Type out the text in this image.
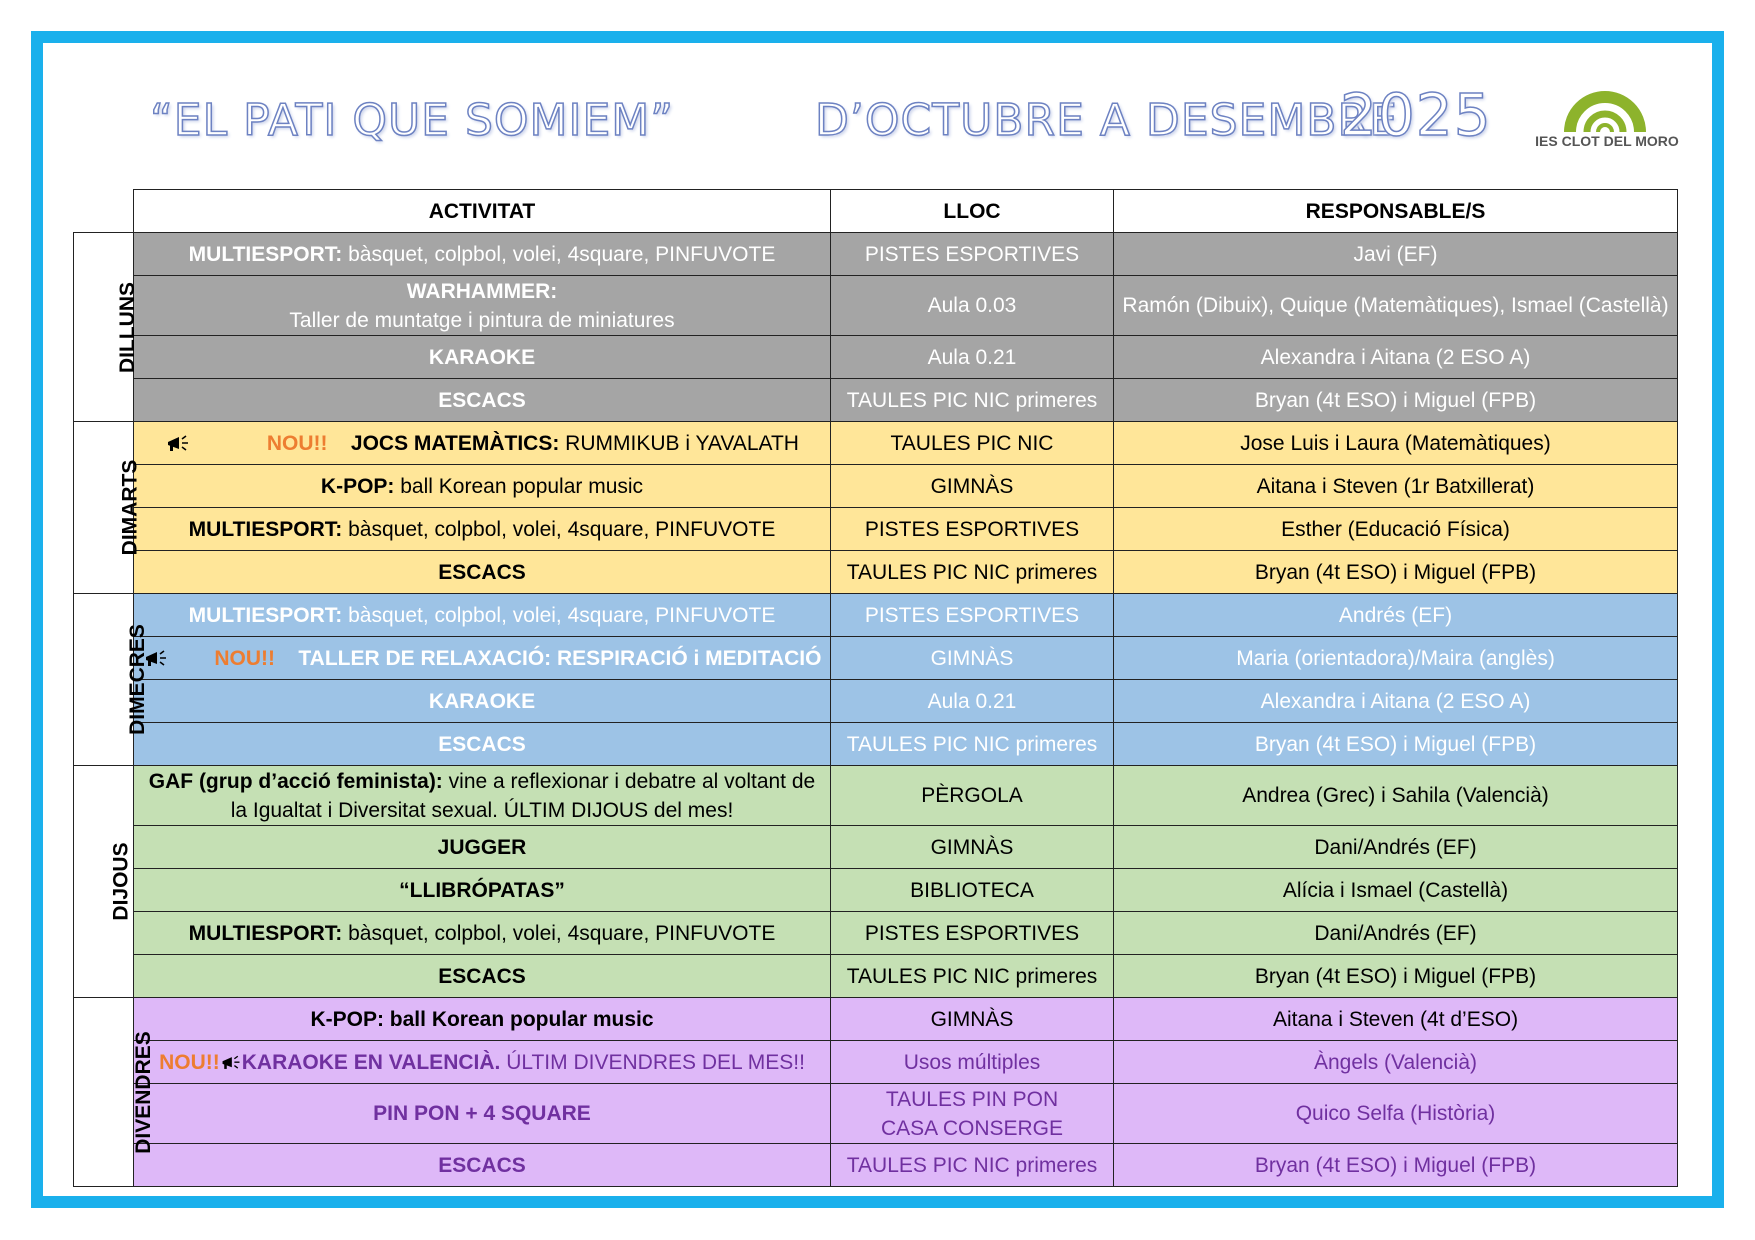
“EL PATI QUE SOMIEM”	D’OCTUBRE A DESEMBRE
2025	IES CLOT DEL MORO
	ACTIVITAT	LLOC	RESPONSABLE/S
DILLUNS	MULTIESPORT: bàsquet, colpbol, volei, 4square, PINFUVOTE	PISTES ESPORTIVES	Javi (EF)
	WARHAMMER:
Taller de muntatge i pintura de miniatures	Aula 0.03	Ramón (Dibuix), Quique (Matemàtiques), Ismael (Castellà)
	KARAOKE	Aula 0.21	Alexandra i Aitana (2 ESO A)
	ESCACS	TAULES PIC NIC primeres	Bryan (4t ESO) i Miguel (FPB)
DIMARTS	NOU!! JOCS MATEMÀTICS: RUMMIKUB i YAVALATH	TAULES PIC NIC	Jose Luis i Laura (Matemàtiques)
	K-POP: ball Korean popular music	GIMNÀS	Aitana i Steven (1r Batxillerat)
	MULTIESPORT: bàsquet, colpbol, volei, 4square, PINFUVOTE	PISTES ESPORTIVES	Esther (Educació Física)
	ESCACS	TAULES PIC NIC primeres	Bryan (4t ESO) i Miguel (FPB)
DIMECRES	MULTIESPORT: bàsquet, colpbol, volei, 4square, PINFUVOTE	PISTES ESPORTIVES	Andrés (EF)
	NOU!! TALLER DE RELAXACIÓ: RESPIRACIÓ i MEDITACIÓ	GIMNÀS	Maria (orientadora)/Maira (anglès)
	KARAOKE	Aula 0.21	Alexandra i Aitana (2 ESO A)
	ESCACS	TAULES PIC NIC primeres	Bryan (4t ESO) i Miguel (FPB)
DIJOUS	GAF (grup d’acció feminista): vine a reflexionar i debatre al voltant de la Igualtat i Diversitat sexual. ÚLTIM DIJOUS del mes!	PÈRGOLA	Andrea (Grec) i Sahila (Valencià)
	JUGGER	GIMNÀS	Dani/Andrés (EF)
	“LLIBRÓPATAS”	BIBLIOTECA	Alícia i Ismael (Castellà)
	MULTIESPORT: bàsquet, colpbol, volei, 4square, PINFUVOTE	PISTES ESPORTIVES	Dani/Andrés (EF)
	ESCACS	TAULES PIC NIC primeres	Bryan (4t ESO) i Miguel (FPB)
DIVENDRES	K-POP: ball Korean popular music	GIMNÀS	Aitana i Steven (4t d’ESO)
	NOU!! KARAOKE EN VALENCIÀ. ÚLTIM DIVENDRES DEL MES!!	Usos múltiples	Àngels (Valencià)
	PIN PON + 4 SQUARE	TAULES PIN PON
CASA CONSERGE	Quico Selfa (Història)
	ESCACS	TAULES PIC NIC primeres	Bryan (4t ESO) i Miguel (FPB)
